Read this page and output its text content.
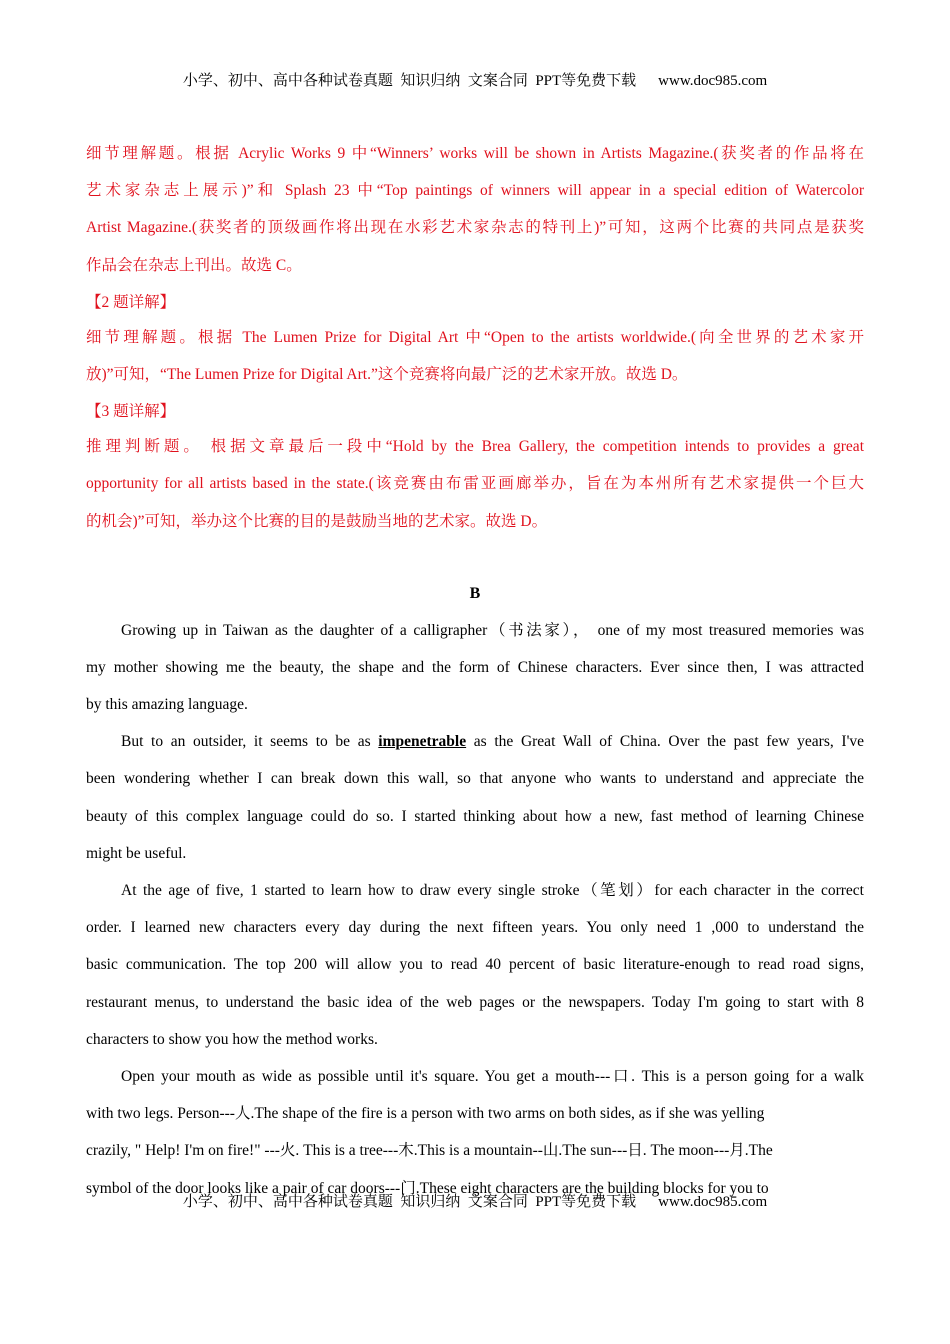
小学、初中、高中各种试卷真题  知识归纳  文案合同  PPT等免费下载 www.doc985.com
细节理解题。根据 Acrylic Works 9 中“Winners’ works will be shown in Artists Magazine.(获奖者的作品将在
艺术家杂志上展示)”和 Splash 23 中“Top paintings of winners will appear in a special edition of Watercolor
Artist Magazine.(获奖者的顶级画作将出现在水彩艺术家杂志的特刊上)”可知，这两个比赛的共同点是获奖
作品会在杂志上刊出。故选 C。
【2 题详解】
细节理解题。根据 The Lumen Prize for Digital Art 中“Open to the artists worldwide.(向全世界的艺术家开
放)”可知，“The Lumen Prize for Digital Art.”这个竞赛将向最广泛的艺术家开放。故选 D。
【3 题详解】
推理判断题。 根据文章最后一段中“Hold by the Brea Gallery, the competition intends to provides a great
opportunity for all artists based in the state.(该竞赛由布雷亚画廊举办，旨在为本州所有艺术家提供一个巨大
的机会)”可知，举办这个比赛的目的是鼓励当地的艺术家。故选 D。
B
Growing up in Taiwan as the daughter of a calligrapher（书法家）， one of my most treasured memories was
my mother showing me the beauty, the shape and the form of Chinese characters. Ever since then, I was attracted
by this amazing language.
But to an outsider, it seems to be as impenetrable as the Great Wall of China. Over the past few years, I've
been wondering whether I can break down this wall, so that anyone who wants to understand and appreciate the
beauty of this complex language could do so. I started thinking about how a new, fast method of learning Chinese
might be useful.
At the age of five, 1 started to learn how to draw every single stroke（笔划）for each character in the correct
order. I learned new characters every day during the next fifteen years. You only need 1 ,000 to understand the
basic communication. The top 200 will allow you to read 40 percent of basic literature-enough to read road signs,
restaurant menus, to understand the basic idea of the web pages or the newspapers. Today I'm going to start with 8
characters to show you how the method works.
Open your mouth as wide as possible until it's square. You get a mouth---口. This is a person going for a walk
with two legs. Person---人.The shape of the fire is a person with two arms on both sides, as if she was yelling
crazily, " Help! I'm on fire!" ---火. This is a tree---木.This is a mountain--山.The sun---日. The moon---月.The
symbol of the door looks like a pair of car doors---门.These eight characters are the building blocks for you to
小学、初中、高中各种试卷真题  知识归纳  文案合同  PPT等免费下载 www.doc985.com
